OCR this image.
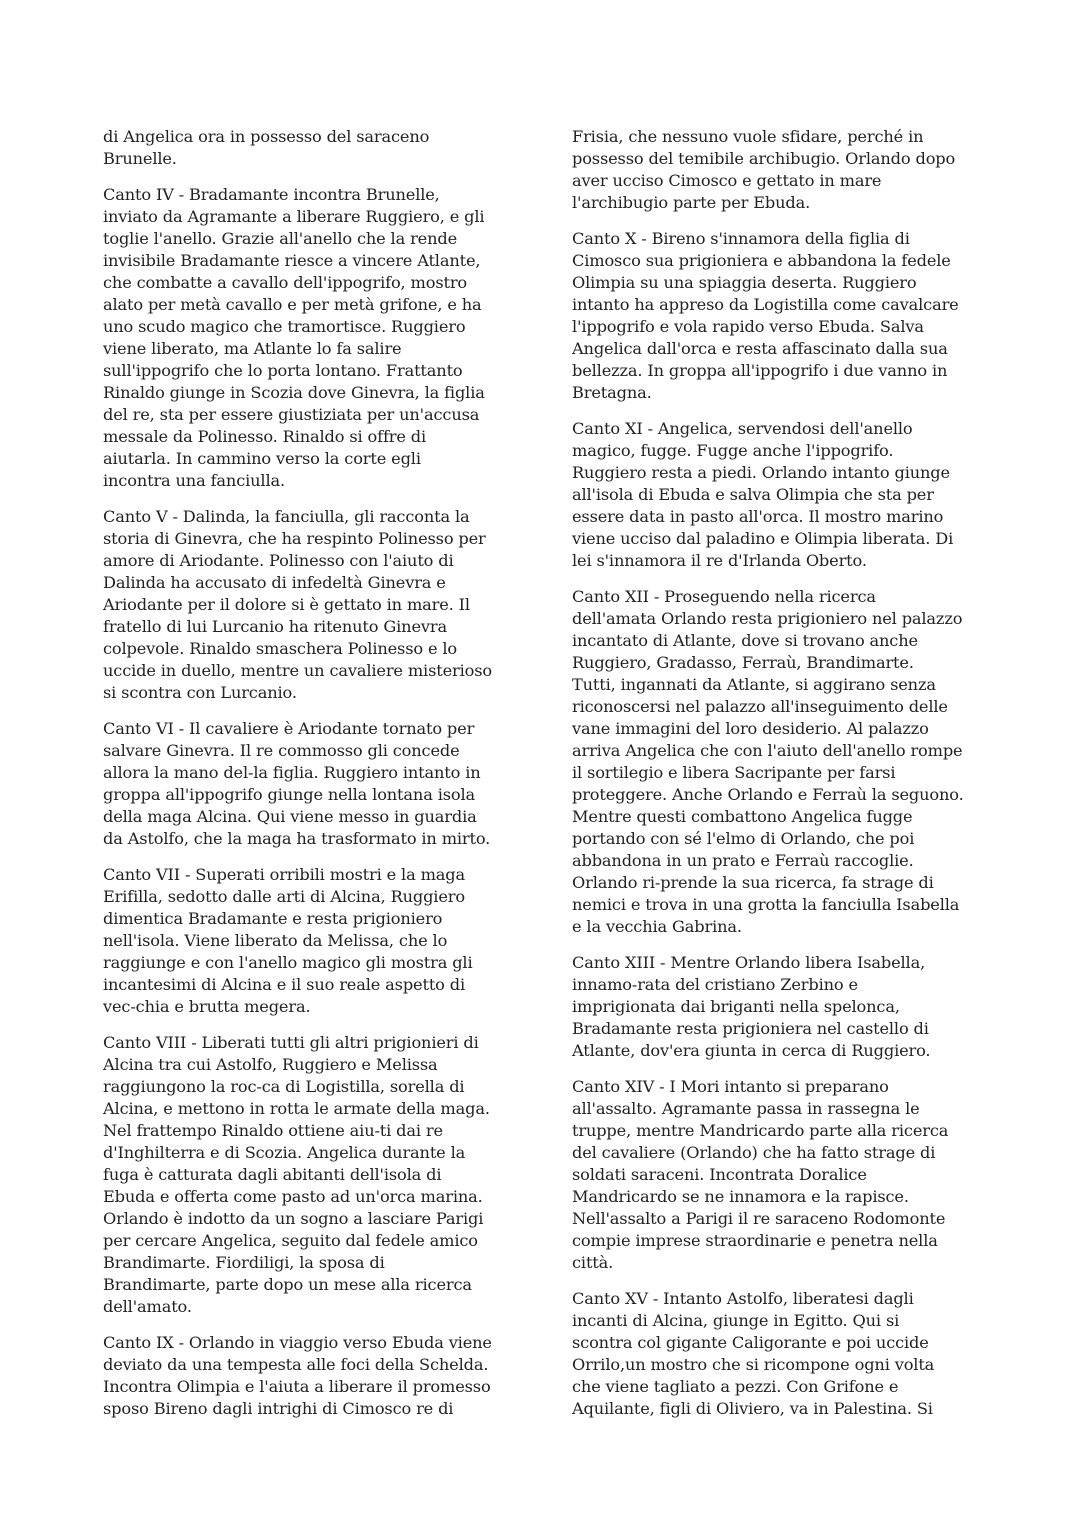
di Angelica ora in possesso del saraceno
Brunelle.

Canto IV - Bradamante incontra Brunelle,
inviato da Agramante a liberare Ruggiero, e gli
toglie l'anello. Grazie all'anello che la rende
invisibile Bradamante riesce a vincere Atlante,
che combatte a cavallo dell'ippogrifo, mostro
alato per metà cavallo e per metà grifone, e ha
uno scudo magico che tramortisce. Ruggiero
viene liberato, ma Atlante lo fa salire
sull'ippogrifo che lo porta lontano. Frattanto
Rinaldo giunge in Scozia dove Ginevra, la figlia
del re, sta per essere giustiziata per un'accusa
messale da Polinesso. Rinaldo si offre di
aiutarla. In cammino verso la corte egli
incontra una fanciulla.

Canto V - Dalinda, la fanciulla, gli racconta la
storia di Ginevra, che ha respinto Polinesso per
amore di Ariodante. Polinesso con l'aiuto di
Dalinda ha accusato di infedeltà Ginevra e
Ariodante per il dolore si è gettato in mare. Il
fratello di lui Lurcanio ha ritenuto Ginevra
colpevole. Rinaldo smaschera Polinesso e lo
uccide in duello, mentre un cavaliere misterioso
si scontra con Lurcanio.

Canto VI - Il cavaliere è Ariodante tornato per
salvare Ginevra. Il re commosso gli concede
allora la mano del-la figlia. Ruggiero intanto in
groppa all'ippogrifo giunge nella lontana isola
della maga Alcina. Qui viene messo in guardia
da Astolfo, che la maga ha trasformato in mirto.

Canto VII - Superati orribili mostri e la maga
Erifilla, sedotto dalle arti di Alcina, Ruggiero
dimentica Bradamante e resta prigioniero
nell'isola. Viene liberato da Melissa, che lo
raggiunge e con l'anello magico gli mostra gli
incantesimi di Alcina e il suo reale aspetto di
vec-chia e brutta megera.

Canto VIII - Liberati tutti gli altri prigionieri di
Alcina tra cui Astolfo, Ruggiero e Melissa
raggiungono la roc-ca di Logistilla, sorella di
Alcina, e mettono in rotta le armate della maga.
Nel frattempo Rinaldo ottiene aiu-ti dai re
d'Inghilterra e di Scozia. Angelica durante la
fuga è catturata dagli abitanti dell'isola di
Ebuda e offerta come pasto ad un'orca marina.
Orlando è indotto da un sogno a lasciare Parigi
per cercare Angelica, seguito dal fedele amico
Brandimarte. Fiordiligi, la sposa di
Brandimarte, parte dopo un mese alla ricerca
dell'amato.

Canto IX - Orlando in viaggio verso Ebuda viene
deviato da una tempesta alle foci della Schelda.
Incontra Olimpia e l'aiuta a liberare il promesso
sposo Bireno dagli intrighi di Cimosco re di

Frisia, che nessuno vuole sfidare, perché in
possesso del temibile archibugio. Orlando dopo
aver ucciso Cimosco e gettato in mare
l'archibugio parte per Ebuda.

Canto X - Bireno s'innamora della figlia di
Cimosco sua prigioniera e abbandona la fedele
Olimpia su una spiaggia deserta. Ruggiero
intanto ha appreso da Logistilla come cavalcare
l'ippogrifo e vola rapido verso Ebuda. Salva
Angelica dall'orca e resta affascinato dalla sua
bellezza. In groppa all'ippogrifo i due vanno in
Bretagna.

Canto XI - Angelica, servendosi dell'anello
magico, fugge. Fugge anche l'ippogrifo.
Ruggiero resta a piedi. Orlando intanto giunge
all'isola di Ebuda e salva Olimpia che sta per
essere data in pasto all'orca. Il mostro marino
viene ucciso dal paladino e Olimpia liberata. Di
lei s'innamora il re d'Irlanda Oberto.

Canto XII - Proseguendo nella ricerca
dell'amata Orlando resta prigioniero nel palazzo
incantato di Atlante, dove si trovano anche
Ruggiero, Gradasso, Ferraù, Brandimarte.
Tutti, ingannati da Atlante, si aggirano senza
riconoscersi nel palazzo all'inseguimento delle
vane immagini del loro desiderio. Al palazzo
arriva Angelica che con l'aiuto dell'anello rompe
il sortilegio e libera Sacripante per farsi
proteggere. Anche Orlando e Ferraù la seguono.
Mentre questi combattono Angelica fugge
portando con sé l'elmo di Orlando, che poi
abbandona in un prato e Ferraù raccoglie.
Orlando ri-prende la sua ricerca, fa strage di
nemici e trova in una grotta la fanciulla Isabella
e la vecchia Gabrina.

Canto XIII - Mentre Orlando libera Isabella,
innamo-rata del cristiano Zerbino e
imprigionata dai briganti nella spelonca,
Bradamante resta prigioniera nel castello di
Atlante, dov'era giunta in cerca di Ruggiero.

Canto XIV - I Mori intanto si preparano
all'assalto. Agramante passa in rassegna le
truppe, mentre Mandricardo parte alla ricerca
del cavaliere (Orlando) che ha fatto strage di
soldati saraceni. Incontrata Doralice
Mandricardo se ne innamora e la rapisce.
Nell'assalto a Parigi il re saraceno Rodomonte
compie imprese straordinarie e penetra nella
città.

Canto XV - Intanto Astolfo, liberatesi dagli
incanti di Alcina, giunge in Egitto. Qui si
scontra col gigante Caligorante e poi uccide
Orrilo,un mostro che si ricompone ogni volta
che viene tagliato a pezzi. Con Grifone e
Aquilante, figli di Oliviero, va in Palestina. Si
